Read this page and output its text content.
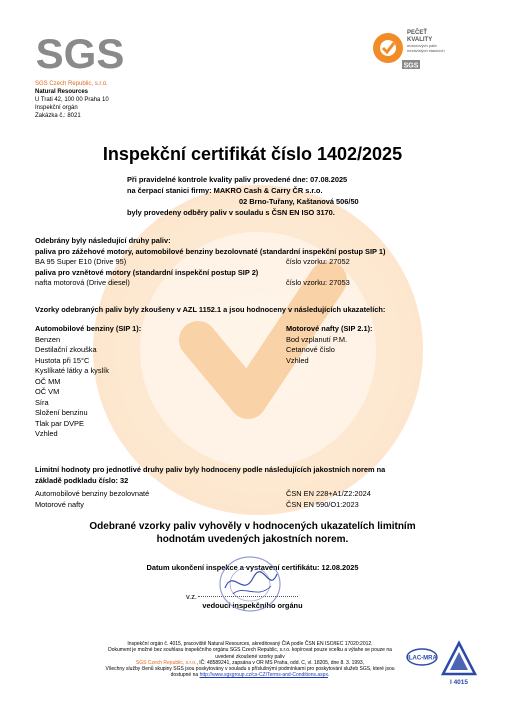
SGS	SGS
PEČEŤ
KVALITY
motorových paliv
nezávislých stanicích
SGS Czech Republic, s.r.o.
Natural Resources
U Trati 42, 100 00 Praha 10
Inspekční orgán
Zakázka č.: 8021
Inspekční certifikát číslo 1402/2025
Při pravidelné kontrole kvality paliv provedené dne: 07.08.2025
na čerpací stanici firmy: MAKRO Cash & Carry ČR s.r.o.
02 Brno-Tuřany, Kaštanová 506/50
byly provedeny odběry paliv v souladu s ČSN EN ISO 3170.
Odebrány byly následující druhy paliv:
paliva pro zážehové motory, automobilové benziny bezolovnaté (standardní inspekční postup SIP 1)
BA 95 Super E10 (Drive 95)	číslo vzorku: 27052
paliva pro vznětové motory (standardní inspekční postup SIP 2)
nafta motorová (Drive diesel)	číslo vzorku: 27053
Vzorky odebraných paliv byly zkoušeny v AZL 1152.1 a jsou hodnoceny v následujících ukazatelích:
Automobilové benziny (SIP 1):
Benzen
Destilační zkouška
Hustota při 15°C
Kyslíkaté látky a kyslík
OČ MM
OČ VM
Síra
Složení benzinu
Tlak par DVPE
Vzhled
Motorové nafty (SIP 2.1):
Bod vzplanutí P.M.
Cetanové číslo
Vzhled
Limitní hodnoty pro jednotlivé druhy paliv byly hodnoceny podle následujících jakostních norem na
základě podkladu číslo: 32
Automobilové benziny bezolovnaté	ČSN EN 228+A1/Z2:2024
Motorové nafty	ČSN EN 590/O1:2023
Odebrané vzorky paliv vyhověly v hodnocených ukazatelích limitním
hodnotám uvedených jakostních norem.
Datum ukončení inspekce a vystavení certifikátu: 12.08.2025
v.z.
vedoucí inspekčního orgánu
Inspekční orgán č. 4015, pracoviště Natural Resources, akreditovaný ČIA podle ČSN EN ISO/IEC 17020:2012.
Dokument je možné bez souhlasu inspekčního orgánu SGS Czech Republic, s.r.o. kopírovat pouze vcelku a výtahe se pouze na
uvedené zkoušené vzorky paliv
SGS Czech Republic, s.r.o., IČ: 48589241, zapsána v OR MS Praha, odd. C, vl. 18205, dne 8. 3. 1993,
Všechny služby členů skupiny SGS jsou poskytovány v souladu s příslušnými podmínkami pro poskytování služeb SGS, které jsou
dostupné na http://www.sgsgroup.cz/cs-CZ/Terms-and-Conditions.aspx.
ILAC-MRA
I 4015
